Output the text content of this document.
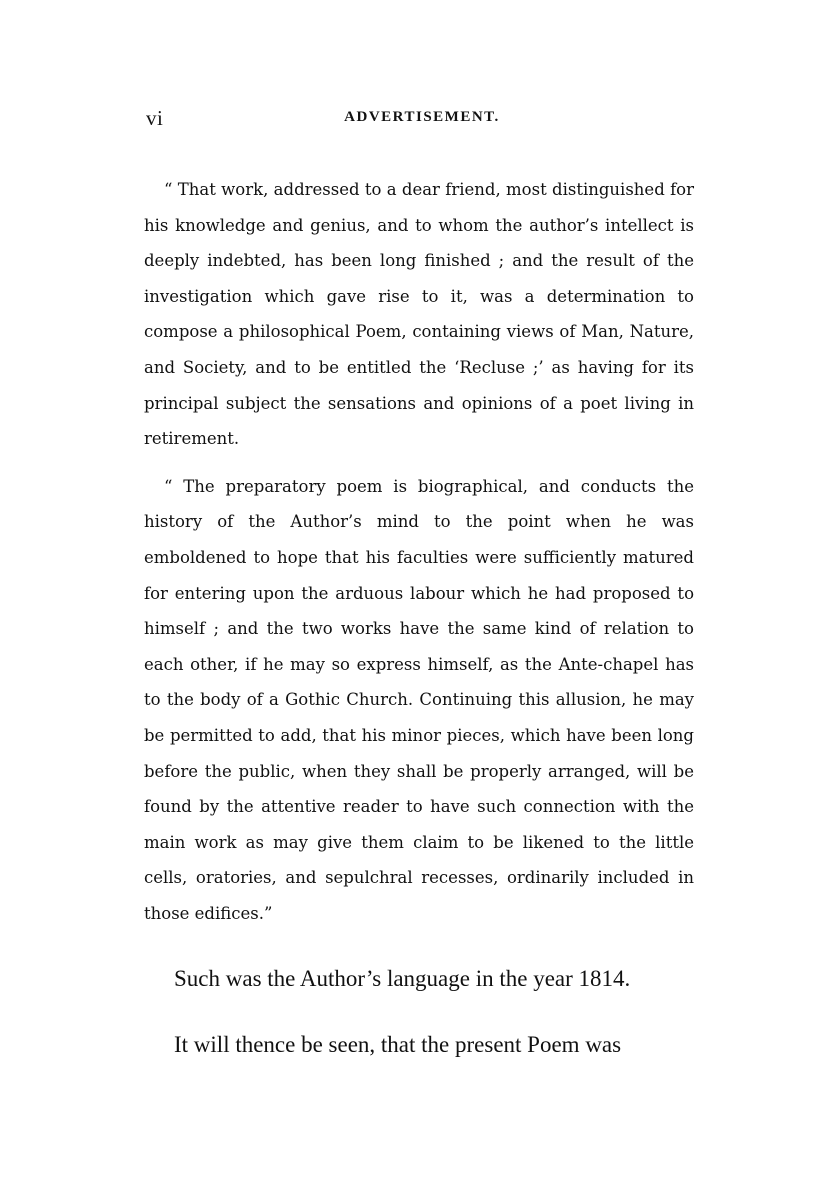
vi	ADVERTISEMENT.

“ That work, addressed to a dear friend, most distinguished for his knowledge and genius, and to whom the author’s intellect is deeply indebted, has been long finished ; and the result of the investigation which gave rise to it, was a determination to compose a philosophical Poem, containing views of Man, Nature, and Society, and to be entitled the ‘Recluse ;’ as having for its principal subject the sensations and opinions of a poet living in retirement.

“ The preparatory poem is biographical, and conducts the history of the Author’s mind to the point when he was emboldened to hope that his faculties were sufficiently matured for entering upon the arduous labour which he had proposed to himself ; and the two works have the same kind of relation to each other, if he may so express himself, as the Ante-chapel has to the body of a Gothic Church. Continuing this allusion, he may be permitted to add, that his minor pieces, which have been long before the public, when they shall be properly arranged, will be found by the attentive reader to have such connection with the main work as may give them claim to be likened to the little cells, oratories, and sepulchral recesses, ordinarily included in those edifices.”

Such was the Author’s language in the year 1814.

It will thence be seen, that the present Poem was
